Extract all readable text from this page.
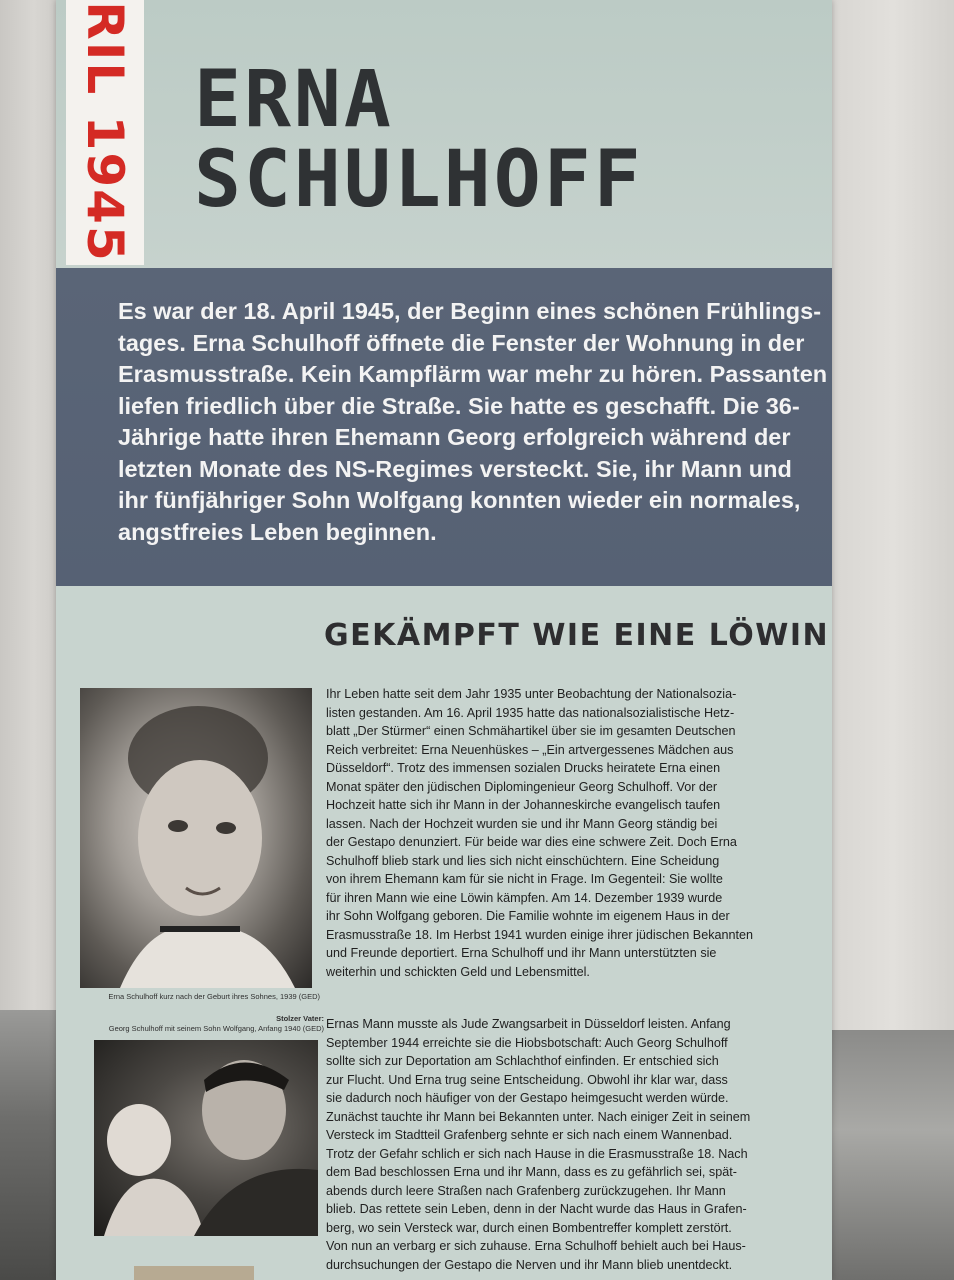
RIL 1945 ERNA
SCHULHOFF
Es war der 18. April 1945, der Beginn eines schönen Frühlings-
tages. Erna Schulhoff öffnete die Fenster der Wohnung in der
Erasmusstraße. Kein Kampflärm war mehr zu hören. Passanten
liefen friedlich über die Straße. Sie hatte es geschafft. Die 36-
Jährige hatte ihren Ehemann Georg erfolgreich während der
letzten Monate des NS-Regimes versteckt. Sie, ihr Mann und
ihr fünfjähriger Sohn Wolfgang konnten wieder ein normales,
angstfreies Leben beginnen.
GEKÄMPFT WIE EINE LÖWIN
Erna Schulhoff kurz nach der Geburt ihres Sohnes, 1939 (GED)
Stolzer Vater:
Georg Schulhoff mit seinem Sohn Wolfgang, Anfang 1940 (GED)
Ihr Leben hatte seit dem Jahr 1935 unter Beobachtung der Nationalsozia-
listen gestanden. Am 16. April 1935 hatte das nationalsozialistische Hetz-
blatt „Der Stürmer“ einen Schmähartikel über sie im gesamten Deutschen
Reich verbreitet: Erna Neuenhüskes – „Ein artvergessenes Mädchen aus
Düsseldorf“. Trotz des immensen sozialen Drucks heiratete Erna einen
Monat später den jüdischen Diplomingenieur Georg Schulhoff. Vor der
Hochzeit hatte sich ihr Mann in der Johanneskirche evangelisch taufen
lassen. Nach der Hochzeit wurden sie und ihr Mann Georg ständig bei
der Gestapo denunziert. Für beide war dies eine schwere Zeit. Doch Erna
Schulhoff blieb stark und lies sich nicht einschüchtern. Eine Scheidung
von ihrem Ehemann kam für sie nicht in Frage. Im Gegenteil: Sie wollte
für ihren Mann wie eine Löwin kämpfen. Am 14. Dezember 1939 wurde
ihr Sohn Wolfgang geboren. Die Familie wohnte im eigenem Haus in der
Erasmusstraße 18. Im Herbst 1941 wurden einige ihrer jüdischen Bekannten
und Freunde deportiert. Erna Schulhoff und ihr Mann unterstützten sie
weiterhin und schickten Geld und Lebensmittel.
Ernas Mann musste als Jude Zwangsarbeit in Düsseldorf leisten. Anfang
September 1944 erreichte sie die Hiobsbotschaft: Auch Georg Schulhoff
sollte sich zur Deportation am Schlachthof einfinden. Er entschied sich
zur Flucht. Und Erna trug seine Entscheidung. Obwohl ihr klar war, dass
sie dadurch noch häufiger von der Gestapo heimgesucht werden würde.
Zunächst tauchte ihr Mann bei Bekannten unter. Nach einiger Zeit in seinem
Versteck im Stadtteil Grafenberg sehnte er sich nach einem Wannenbad.
Trotz der Gefahr schlich er sich nach Hause in die Erasmusstraße 18. Nach
dem Bad beschlossen Erna und ihr Mann, dass es zu gefährlich sei, spät-
abends durch leere Straßen nach Grafenberg zurückzugehen. Ihr Mann
blieb. Das rettete sein Leben, denn in der Nacht wurde das Haus in Grafen-
berg, wo sein Versteck war, durch einen Bombentreffer komplett zerstört.
Von nun an verbarg er sich zuhause. Erna Schulhoff behielt auch bei Haus-
durchsuchungen der Gestapo die Nerven und ihr Mann blieb unentdeckt.
